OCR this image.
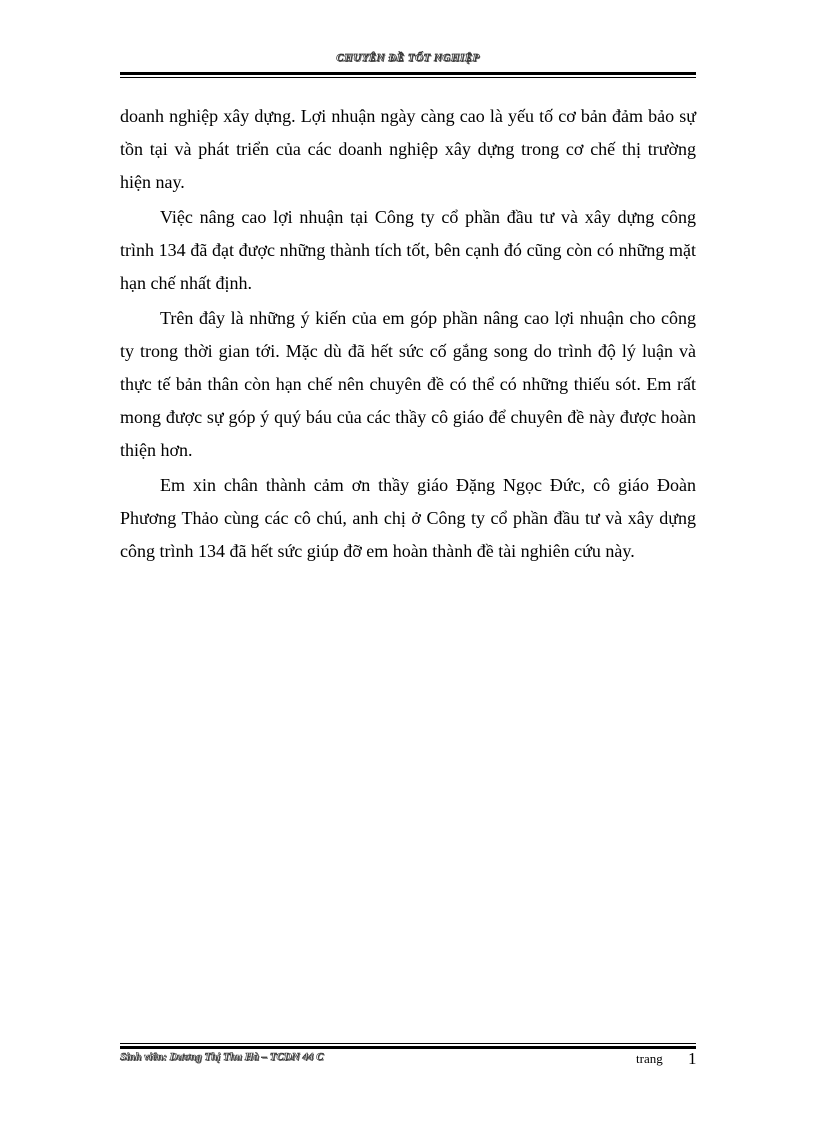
CHUYÊN ĐỀ TỐT NGHIỆP

doanh nghiệp xây dựng. Lợi nhuận ngày càng cao là yếu tố cơ bản đảm bảo sự tồn tại và phát triển của các doanh nghiệp xây dựng trong cơ chế thị trường hiện nay.

Việc nâng cao lợi nhuận tại Công ty cổ phần đầu tư và xây dựng công trình 134 đã đạt được những thành tích tốt, bên cạnh đó cũng còn có những mặt hạn chế nhất định.

Trên đây là những ý kiến của em góp phần nâng cao lợi nhuận cho công ty trong thời gian tới. Mặc dù đã hết sức cố gắng song do trình độ lý luận và thực tế bản thân còn hạn chế nên chuyên đề có thể có những thiếu sót. Em rất mong được sự góp ý quý báu của các thầy cô giáo để chuyên đề này được hoàn thiện hơn.

Em xin chân thành cảm ơn thầy giáo Đặng Ngọc Đức, cô giáo Đoàn Phương Thảo cùng các cô chú, anh chị ở Công ty cổ phần đầu tư và xây dựng công trình 134 đã hết sức giúp đỡ em hoàn thành đề tài nghiên cứu này.

Sinh viên: Dương Thị Thu Hà – TCDN 44 C	trang 1
